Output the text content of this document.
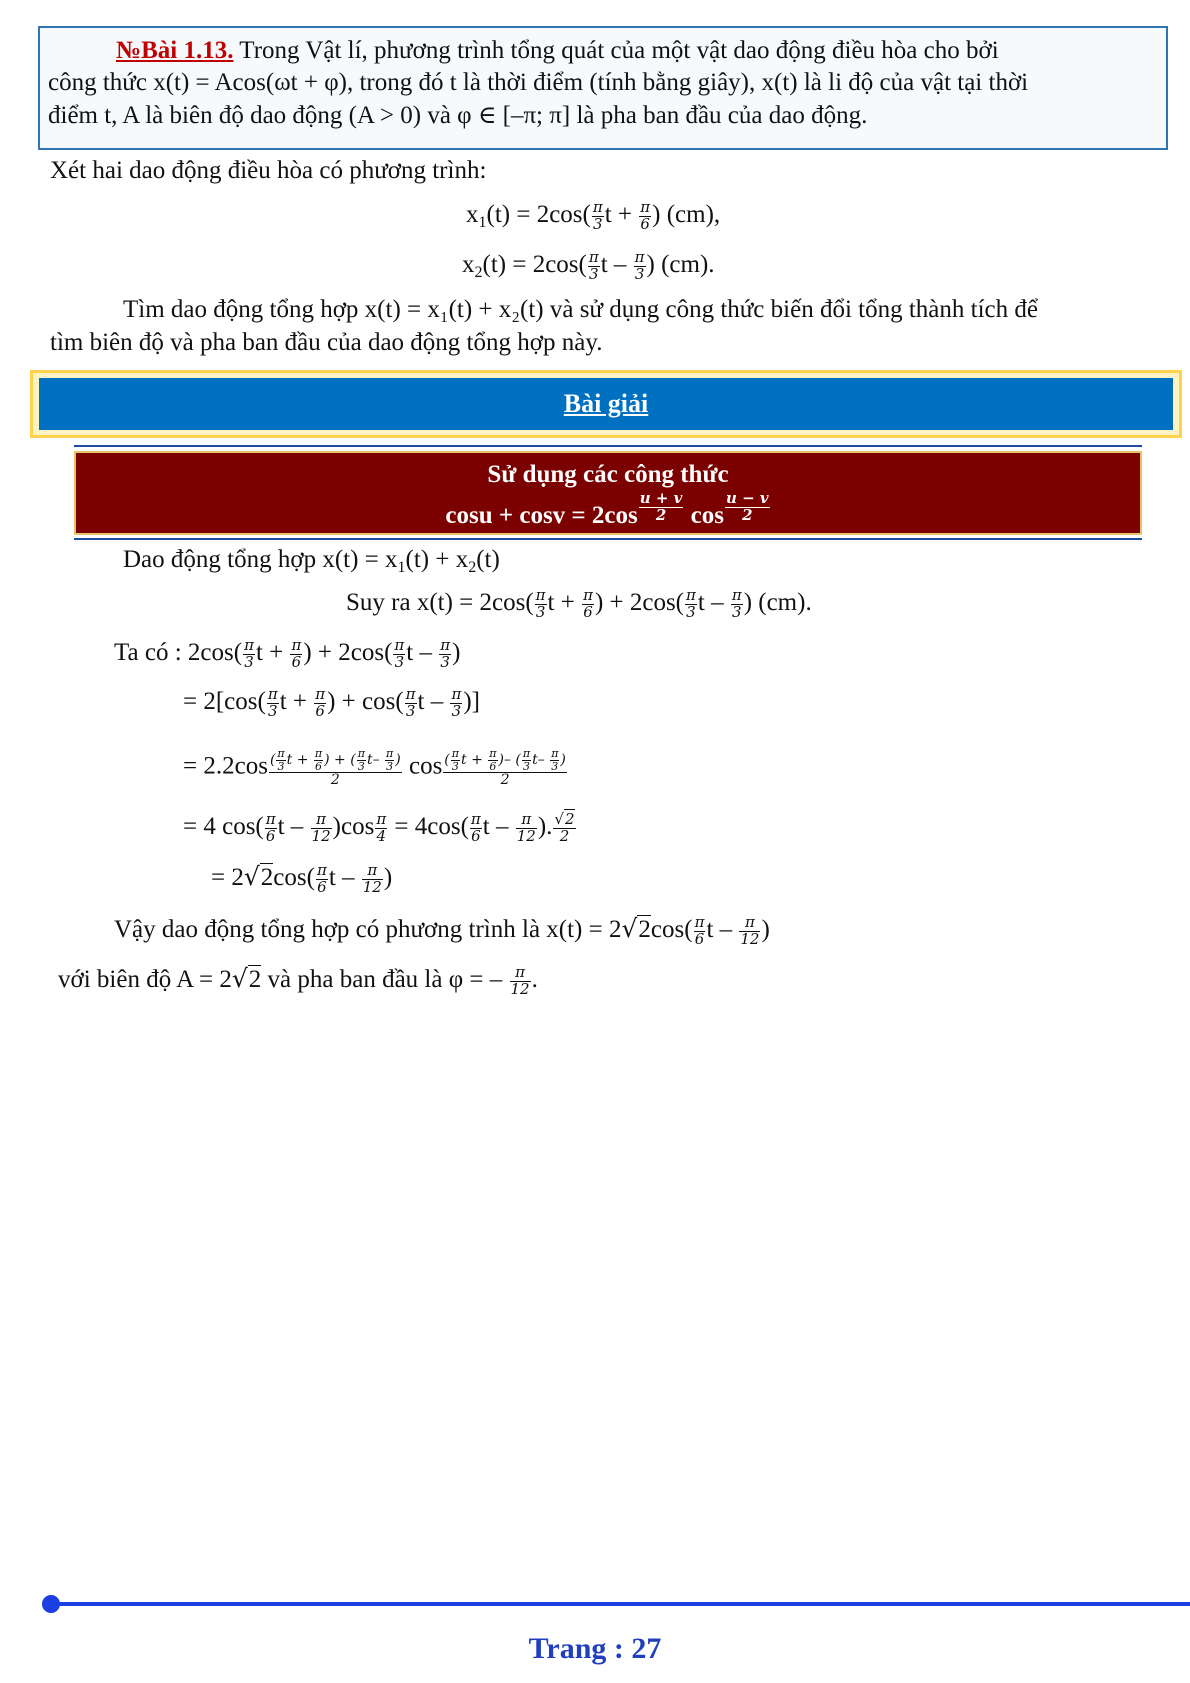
№Bài 1.13. Trong Vật lí, phương trình tổng quát của một vật dao động điều hòa cho bởi
công thức x(t) = Acos(ωt + φ), trong đó t là thời điểm (tính bằng giây), x(t) là li độ của vật tại thời
điểm t, A là biên độ dao động (A > 0) và φ ∈ [–π; π] là pha ban đầu của dao động.
Xét hai dao động điều hòa có phương trình:
$x_1(t) = 2\cos( \frac{\pi}{3}$ $t + \frac{\pi}{6}$ ) (cm),
$x_2(t) = 2\cos( \frac{\pi}{3}$ t – $\frac{\pi}{3}$ ) (cm).
Tìm dao động tổng hợp x(t) = x₁(t) + x₂(t) và sử dụng công thức biến đổi tổng thành tích để
tìm biên độ và pha ban đầu của dao động tổng hợp này.
Bài giải
Sử dụng các công thức
$\cos u + \cos v = 2\cos \frac{u + v}{2}$ $\cos \frac{u - v}{2}$
Dao động tổng hợp $x(t) = x_1(t) + x_2(t)$
Suy ra $x(t) = 2\cos( \frac{\pi}{3}$ $t + \frac{\pi}{6}$ ) + $2\cos( \frac{\pi}{3}$ t – $\frac{\pi}{3}$ ) (cm).
Ta có : $2\cos( \frac{\pi}{3}$ $t + \frac{\pi}{6}$ ) + $2\cos( \frac{\pi}{3}$ t – $\frac{\pi}{3}$ )
= $2[\cos( \frac{\pi}{3}$ $t + \frac{\pi}{6}$ ) + $\cos( \frac{\pi}{3}$ t – $\frac{\pi}{3}$ )]
= $2.2\cos \frac{( \frac{\pi}{3} t + \frac{\pi}{6} ) + ( \frac{\pi}{3} t- \frac{\pi}{3} )}{2}$ $\cos \frac{( \frac{\pi}{3} t + \frac{\pi}{6} )- ( \frac{\pi}{3} t- \frac{\pi}{3} )}{2}$
= 4 $\cos( \frac{\pi}{6}$ $t - \frac{\pi}{12} )\cos \frac{\pi}{4} = 4\cos( \frac{\pi}{6}$ t – $\frac{\pi}{12}$ ). $\frac{√2}{2}$
= $2√2\cos( \frac{\pi}{6}$ t – $\frac{\pi}{12}$ )
Vậy dao động tổng hợp có phương trình là $x(t) = 2√2\cos( \frac{\pi}{6}$ t – $\frac{\pi}{12}$ )
với biên độ A = 2√2 và pha ban đầu là φ = – $\frac{\pi}{12}$ .
Trang : 27
